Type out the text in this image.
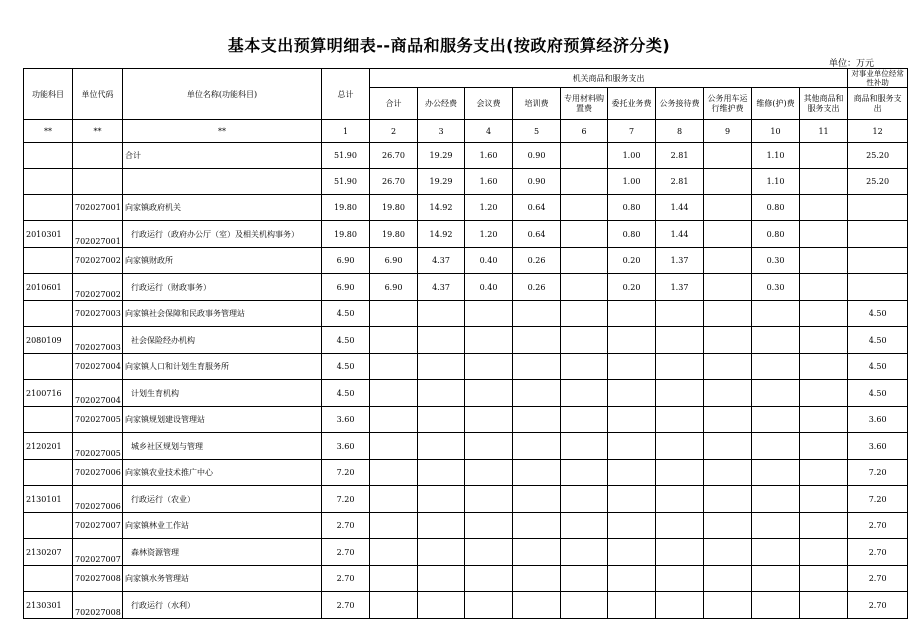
基本支出预算明细表--商品和服务支出(按政府预算经济分类)
单位：万元
功能科目	单位代码	单位名称(功能科目)	总计	机关商品和服务支出										对事业单位经常性补助
				合计	办公经费	会议费	培训费	专用材料购置费	委托业务费	公务接待费	公务用车运行维护费	维修(护)费	其他商品和服务支出	商品和服务支出
**	**	**	1	2	3	4	5	6	7	8	9	10	11	12
		合计	51.90	26.70	19.29	1.60	0.90		1.00	2.81		1.10		25.20
			51.90	26.70	19.29	1.60	0.90		1.00	2.81		1.10		25.20
	702027001	向家镇政府机关	19.80	19.80	14.92	1.20	0.64		0.80	1.44		0.80		
2010301	702027001	行政运行（政府办公厅（室）及相关机构事务）	19.80	19.80	14.92	1.20	0.64		0.80	1.44		0.80		
	702027002	向家镇财政所	6.90	6.90	4.37	0.40	0.26		0.20	1.37		0.30		
2010601	702027002	行政运行（财政事务）	6.90	6.90	4.37	0.40	0.26		0.20	1.37		0.30		
	702027003	向家镇社会保障和民政事务管理站	4.50											4.50
2080109	702027003	社会保险经办机构	4.50											4.50
	702027004	向家镇人口和计划生育服务所	4.50											4.50
2100716	702027004	计划生育机构	4.50											4.50
	702027005	向家镇规划建设管理站	3.60											3.60
2120201	702027005	城乡社区规划与管理	3.60											3.60
	702027006	向家镇农业技术推广中心	7.20											7.20
2130101	702027006	行政运行（农业）	7.20											7.20
	702027007	向家镇林业工作站	2.70											2.70
2130207	702027007	森林资源管理	2.70											2.70
	702027008	向家镇水务管理站	2.70											2.70
2130301	702027008	行政运行（水利）	2.70											2.70
